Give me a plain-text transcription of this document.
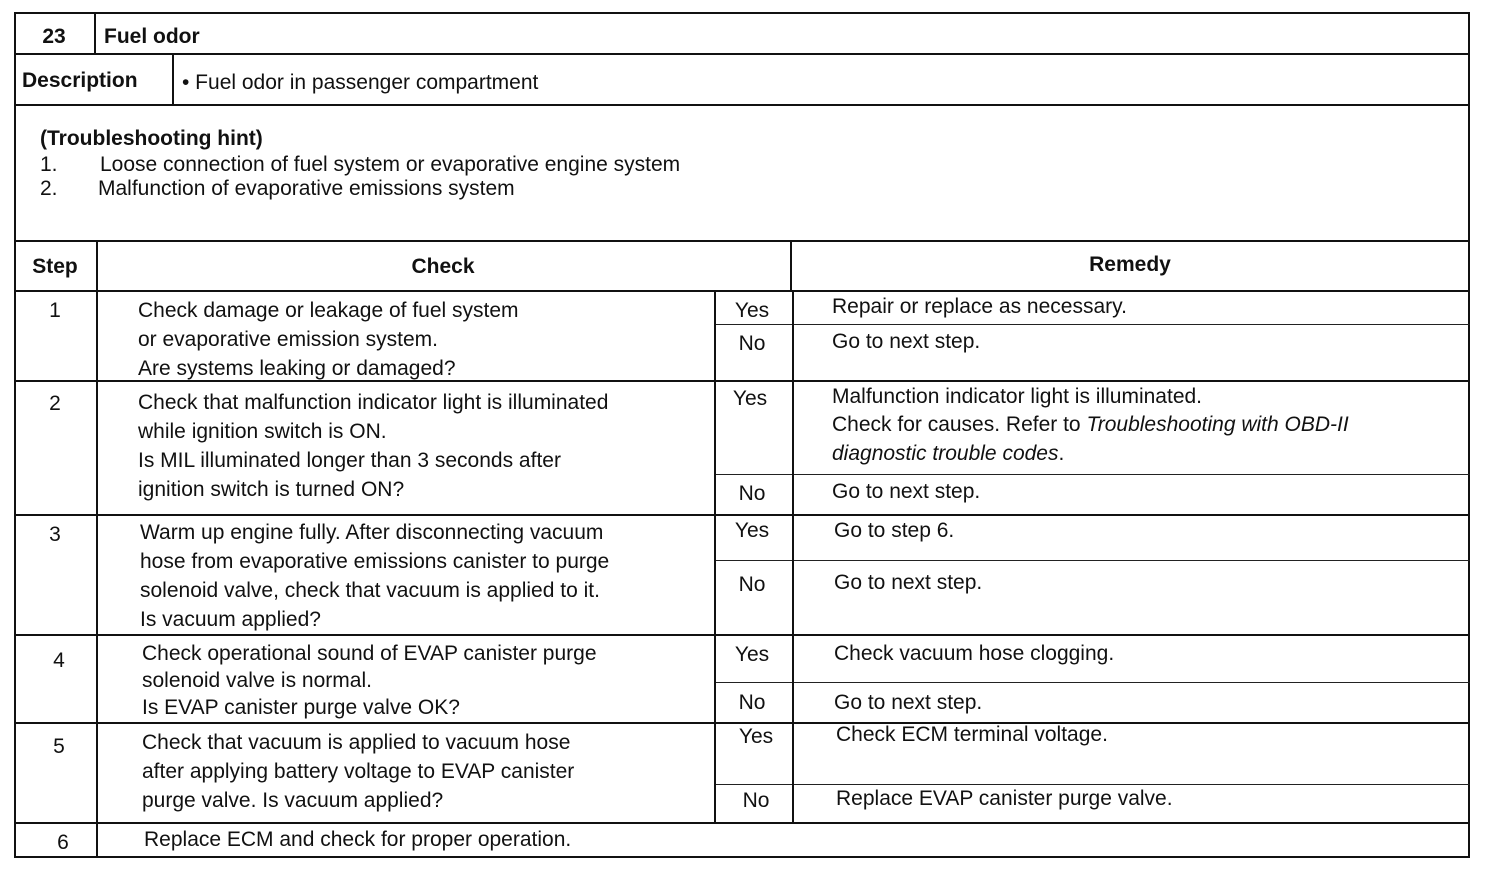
23	Fuel odor
Description • Fuel odor in passenger compartment
(Troubleshooting hint)
1. Loose connection of fuel system or evaporative engine system
2. Malfunction of evaporative emissions system
Step	Check	Remedy
1	Check damage or leakage of fuel system
or evaporative emission system.
Are systems leaking or damaged?
Yes	Repair or replace as necessary.
No	Go to next step.
2	Check that malfunction indicator light is illuminated
while ignition switch is ON.
Is MIL illuminated longer than 3 seconds after
ignition switch is turned ON?
Yes	Malfunction indicator light is illuminated.
Check for causes. Refer to Troubleshooting with OBD-II
diagnostic trouble codes.
No	Go to next step.
3	Warm up engine fully. After disconnecting vacuum
hose from evaporative emissions canister to purge
solenoid valve, check that vacuum is applied to it.
Is vacuum applied?
Yes	Go to step 6.
No	Go to next step.
4	Check operational sound of EVAP canister purge
solenoid valve is normal.
Is EVAP canister purge valve OK?
Yes	Check vacuum hose clogging.
No	Go to next step.
5	Check that vacuum is applied to vacuum hose
after applying battery voltage to EVAP canister
purge valve. Is vacuum applied?
Yes	Check ECM terminal voltage.
No	Replace EVAP canister purge valve.
6	Replace ECM and check for proper operation.
